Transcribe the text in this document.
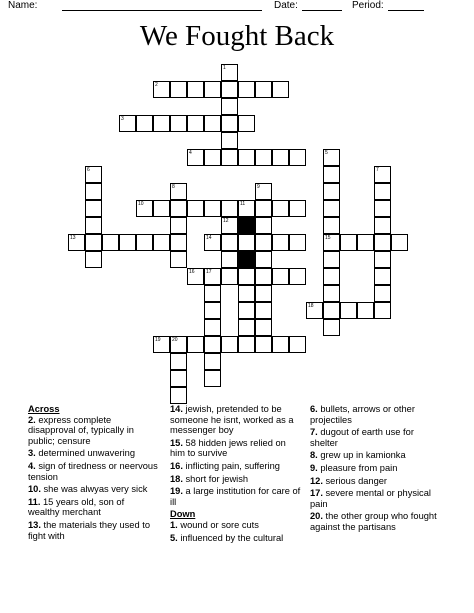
Name:	Date:	Period:
We Fought Back
1
2
3
4	5
6	7
8	9
10	11
12
13	14	15
16 17
18
19 20
Across
2. express complete disapproval of, typically in public; censure
3. determined unwavering
4. sign of tiredness or neervous tension
10. she was alwyas very sick
11. 15 years old, son of wealthy merchant
13. the materials they used to fight with
14. jewish, pretended to be someone he isnt, worked as a messenger boy
15. 58 hidden jews relied on him to survive
16. inflicting pain, suffering
18. short for jewish
19. a large institution for care of ill
Down
1. wound or sore cuts
5. influenced by the cultural
6. bullets, arrows or other projectiles
7. dugout of earth use for shelter
8. grew up in kamionka
9. pleasure from pain
12. serious danger
17. severe mental or physical pain
20. the other group who fought against the partisans
